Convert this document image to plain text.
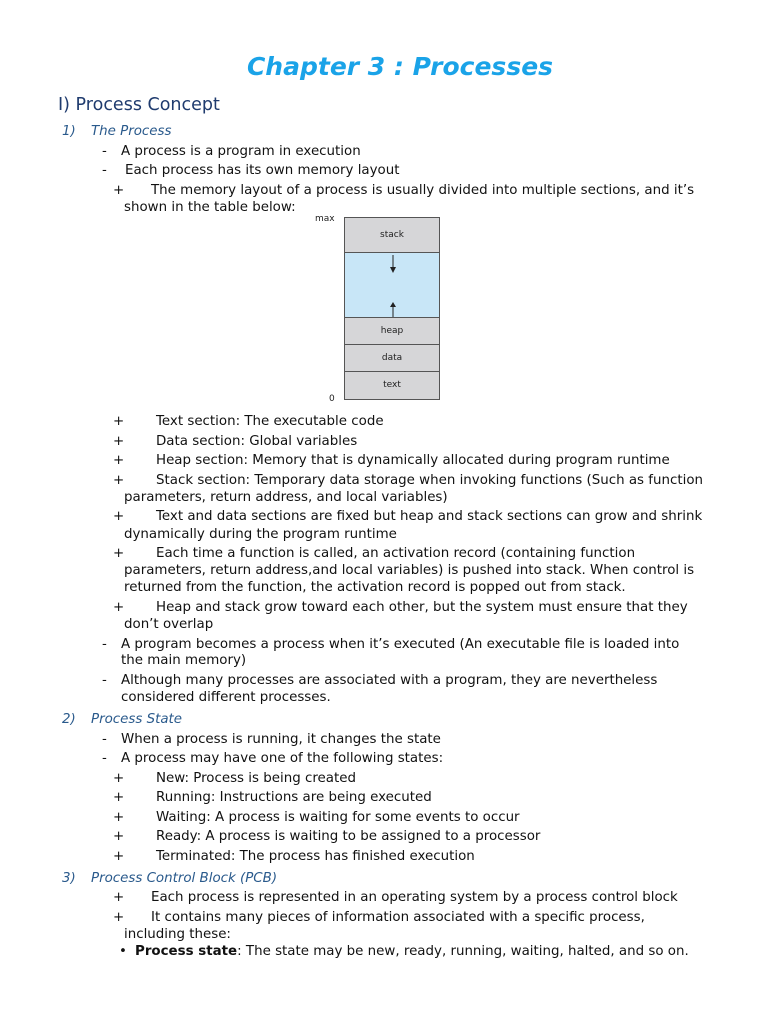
Chapter 3 : Processes
I) Process Concept
1) The Process
- A process is a program in execution
- Each process has its own memory layout
+ The memory layout of a process is usually divided into multiple sections, and it’s
shown in the table below:
max
0
stack
heap
data
text
+ Text section: The executable code
+ Data section: Global variables
+ Heap section: Memory that is dynamically allocated during program runtime
+ Stack section: Temporary data storage when invoking functions (Such as function
parameters, return address, and local variables)
+ Text and data sections are fixed but heap and stack sections can grow and shrink
dynamically during the program runtime
+ Each time a function is called, an activation record (containing function
parameters, return address,and local variables) is pushed into stack. When control is
returned from the function, the activation record is popped out from stack.
+ Heap and stack grow toward each other, but the system must ensure that they
don’t overlap
- A program becomes a process when it’s executed (An executable file is loaded into
the main memory)
- Although many processes are associated with a program, they are nevertheless
considered different processes.
2) Process State
- When a process is running, it changes the state
- A process may have one of the following states:
+ New: Process is being created
+ Running: Instructions are being executed
+ Waiting: A process is waiting for some events to occur
+ Ready: A process is waiting to be assigned to a processor
+ Terminated: The process has finished execution
3) Process Control Block (PCB)
+ Each process is represented in an operating system by a process control block
+ It contains many pieces of information associated with a specific process,
including these:
• Process state: The state may be new, ready, running, waiting, halted, and so on.
